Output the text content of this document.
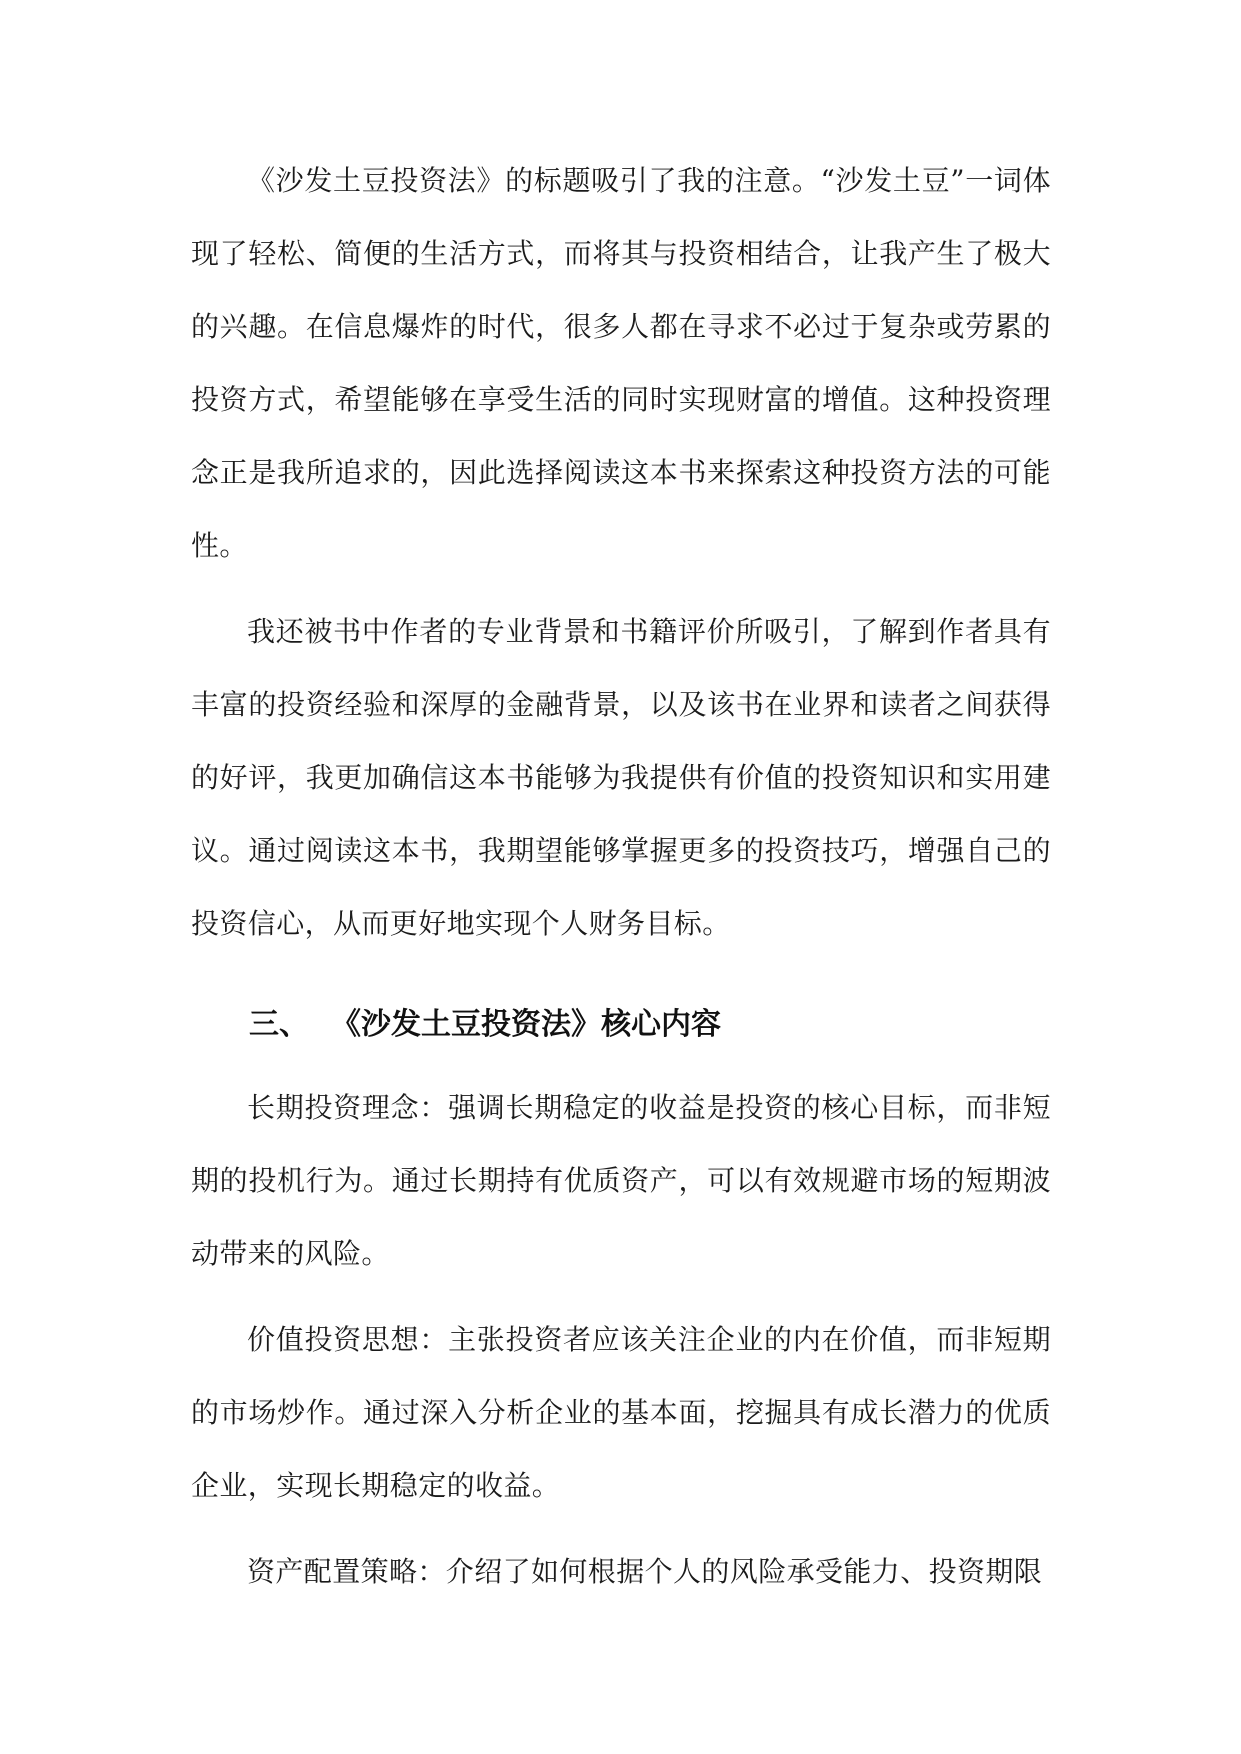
《沙发土豆投资法》的标题吸引了我的注意。“沙发土豆”一词体现了轻松、简便的生活方式，而将其与投资相结合，让我产生了极大的兴趣。在信息爆炸的时代，很多人都在寻求不必过于复杂或劳累的投资方式，希望能够在享受生活的同时实现财富的增值。这种投资理念正是我所追求的，因此选择阅读这本书来探索这种投资方法的可能性。

我还被书中作者的专业背景和书籍评价所吸引，了解到作者具有丰富的投资经验和深厚的金融背景，以及该书在业界和读者之间获得的好评，我更加确信这本书能够为我提供有价值的投资知识和实用建议。通过阅读这本书，我期望能够掌握更多的投资技巧，增强自己的投资信心，从而更好地实现个人财务目标。

三、 《沙发土豆投资法》核心内容

长期投资理念：强调长期稳定的收益是投资的核心目标，而非短期的投机行为。通过长期持有优质资产，可以有效规避市场的短期波动带来的风险。

价值投资思想：主张投资者应该关注企业的内在价值，而非短期的市场炒作。通过深入分析企业的基本面，挖掘具有成长潜力的优质企业，实现长期稳定的收益。

资产配置策略：介绍了如何根据个人的风险承受能力、投资期限
